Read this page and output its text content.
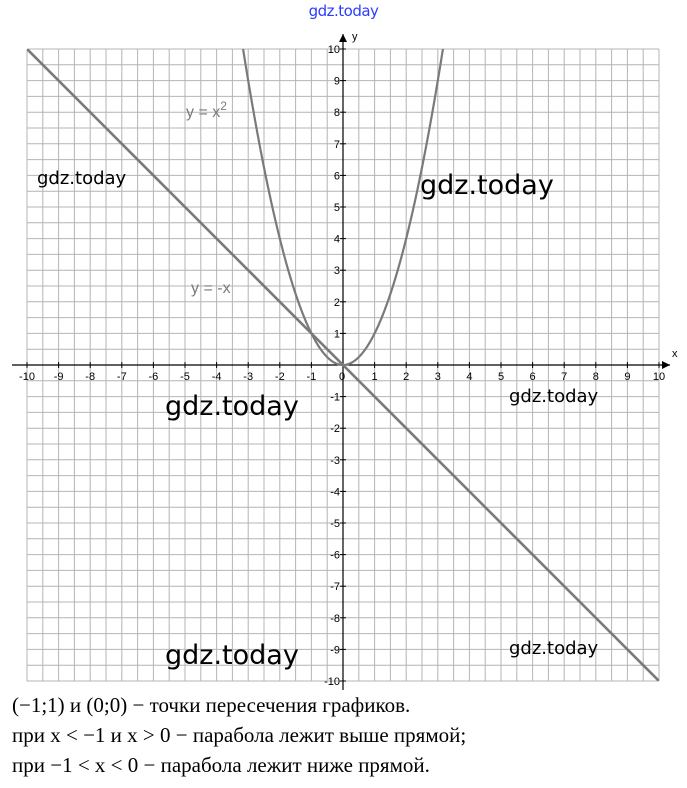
gdz.today
x
y
-10 -9 -8 -7 -6 -5 -4 -3 -2 -1 0 1 2 3 4 5 6 7 8 9 10
-10
-9
-8
-7
-6
-5
-4
-3
-2
-1
1
2
3
4
5
6
7
8
9
10
$y = x^2$
y = -x
gdz.today	gdz.today
gdz.today	gdz.today
gdz.today	gdz.today
(−1;1) и (0;0) − точки пересечения графиков.
при x < −1 и x > 0 − парабола лежит выше прямой;
при −1 < x < 0 − парабола лежит ниже прямой.
